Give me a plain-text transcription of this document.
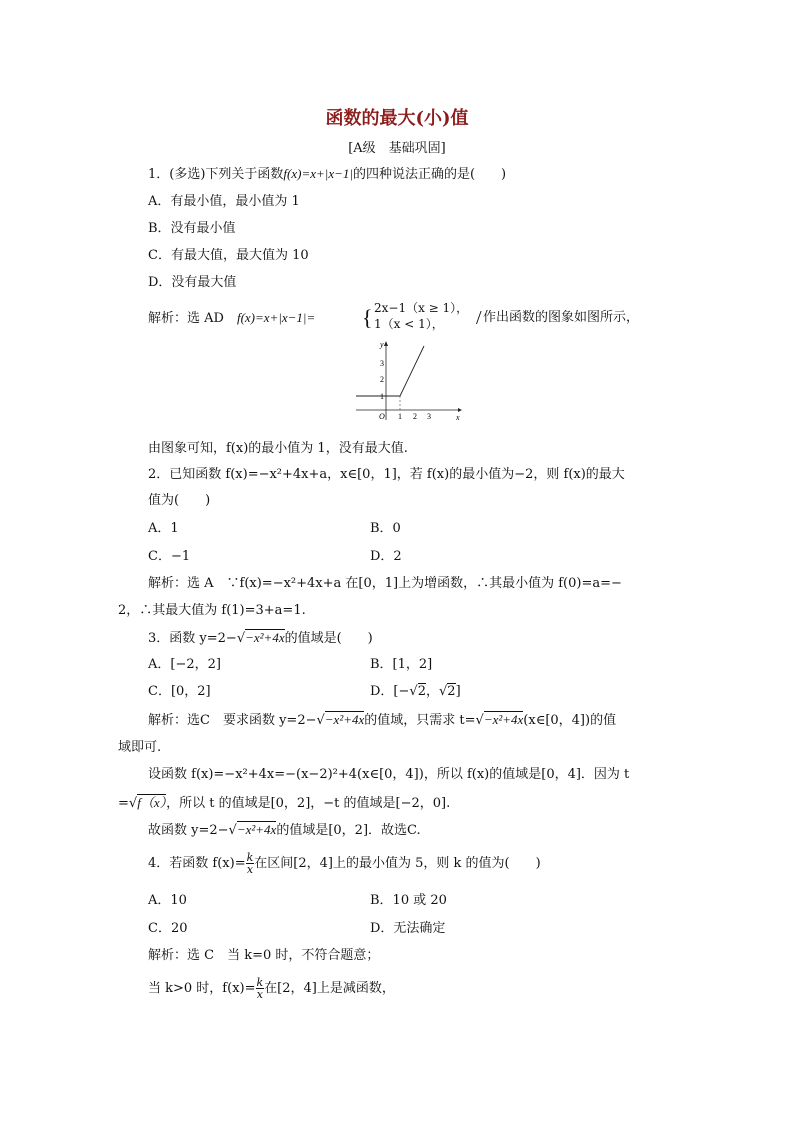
函数的最大(小)值
[A级　基础巩固]
1．(多选)下列关于函数f(x)=x+|x−1|的四种说法正确的是(　　)
A．有最小值，最小值为 1
B．没有最小值
C．有最大值，最大值为 10
D．没有最大值
解析：选 AD　f(x)=x+|x−1|= { 2x−1（x ≥ 1），
1（x < 1）， / 作出函数的图象如图所示，
y
x
O
1
2
3
1 2 3
由图象可知，f(x)的最小值为 1，没有最大值.
2．已知函数 f(x)=−x²+4x+a，x∈[0，1]，若 f(x)的最小值为−2，则 f(x)的最大
值为(　　)
A．1	B．0
C．−1	D．2
解析：选 A　∵f(x)=−x²+4x+a 在[0，1]上为增函数，∴其最小值为 f(0)=a=−
2，∴其最大值为 f(1)=3+a=1.
3．函数 y=2−√−x²+4x的值域是(　　)
A．[−2，2]	B．[1，2]
C．[0，2]	D．[−√2，√2]
解析：选C　要求函数 y=2−√−x²+4x的值域，只需求 t=√−x²+4x(x∈[0，4])的值
域即可.
设函数 f(x)=−x²+4x=−(x−2)²+4(x∈[0，4])，所以 f(x)的值域是[0，4]．因为 t
=√f（x），所以 t 的值域是[0，2]，−t 的值域是[−2，0].
故函数 y=2−√−x²+4x的值域是[0，2]．故选C.
4．若函数 $f(x)= \frac{k}{x}$ 在区间[2，4]上的最小值为 5，则 k 的值为(　　)
A．10	B．10 或 20
C．20	D．无法确定
解析：选 C　当 k=0 时，不符合题意；
当 k>0 时，$f(x)= \frac{k}{x}$ 在[2，4]上是减函数，
